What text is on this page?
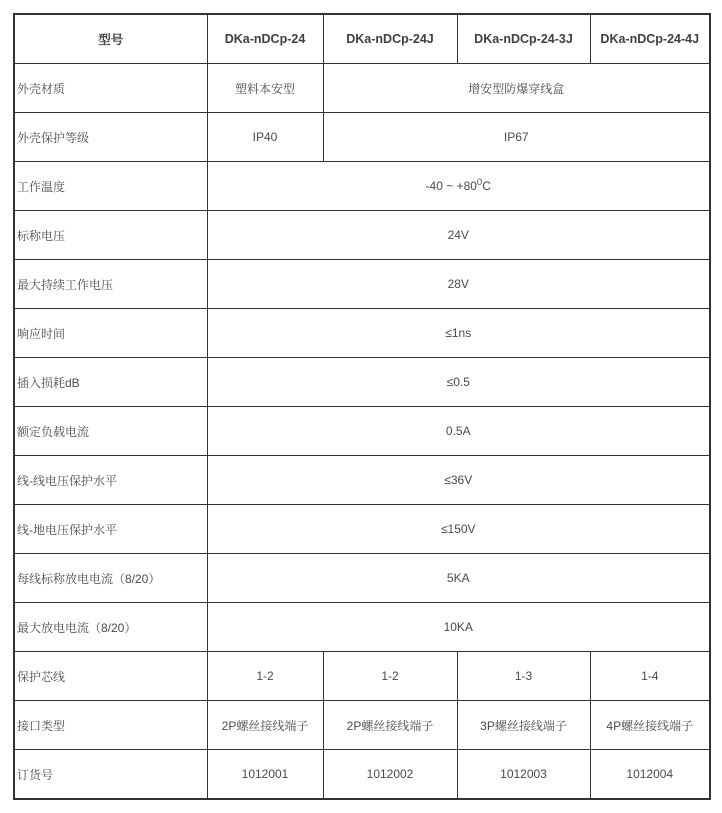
型号	DKa-nDCp-24	DKa-nDCp-24J	DKa-nDCp-24-3J	DKa-nDCp-24-4J
外壳材质	塑料本安型	增安型防爆穿线盒		
外壳保护等级	IP40	IP67		
工作温度	-40 ~ $+80^0C$			
标称电压	24V			
最大持续工作电压	28V			
响应时间	≤1ns			
插入损耗dB	≤0.5			
额定负载电流	0.5A			
线-线电压保护水平	≤36V			
线-地电压保护水平	≤150V			
每线标称放电电流（8/20）	5KA			
最大放电电流（8/20）	10KA			
保护芯线	1-2	1-2	1-3	1-4
接口类型	2P螺丝接线端子	2P螺丝接线端子	3P螺丝接线端子	4P螺丝接线端子
订货号	1012001	1012002	1012003	1012004
